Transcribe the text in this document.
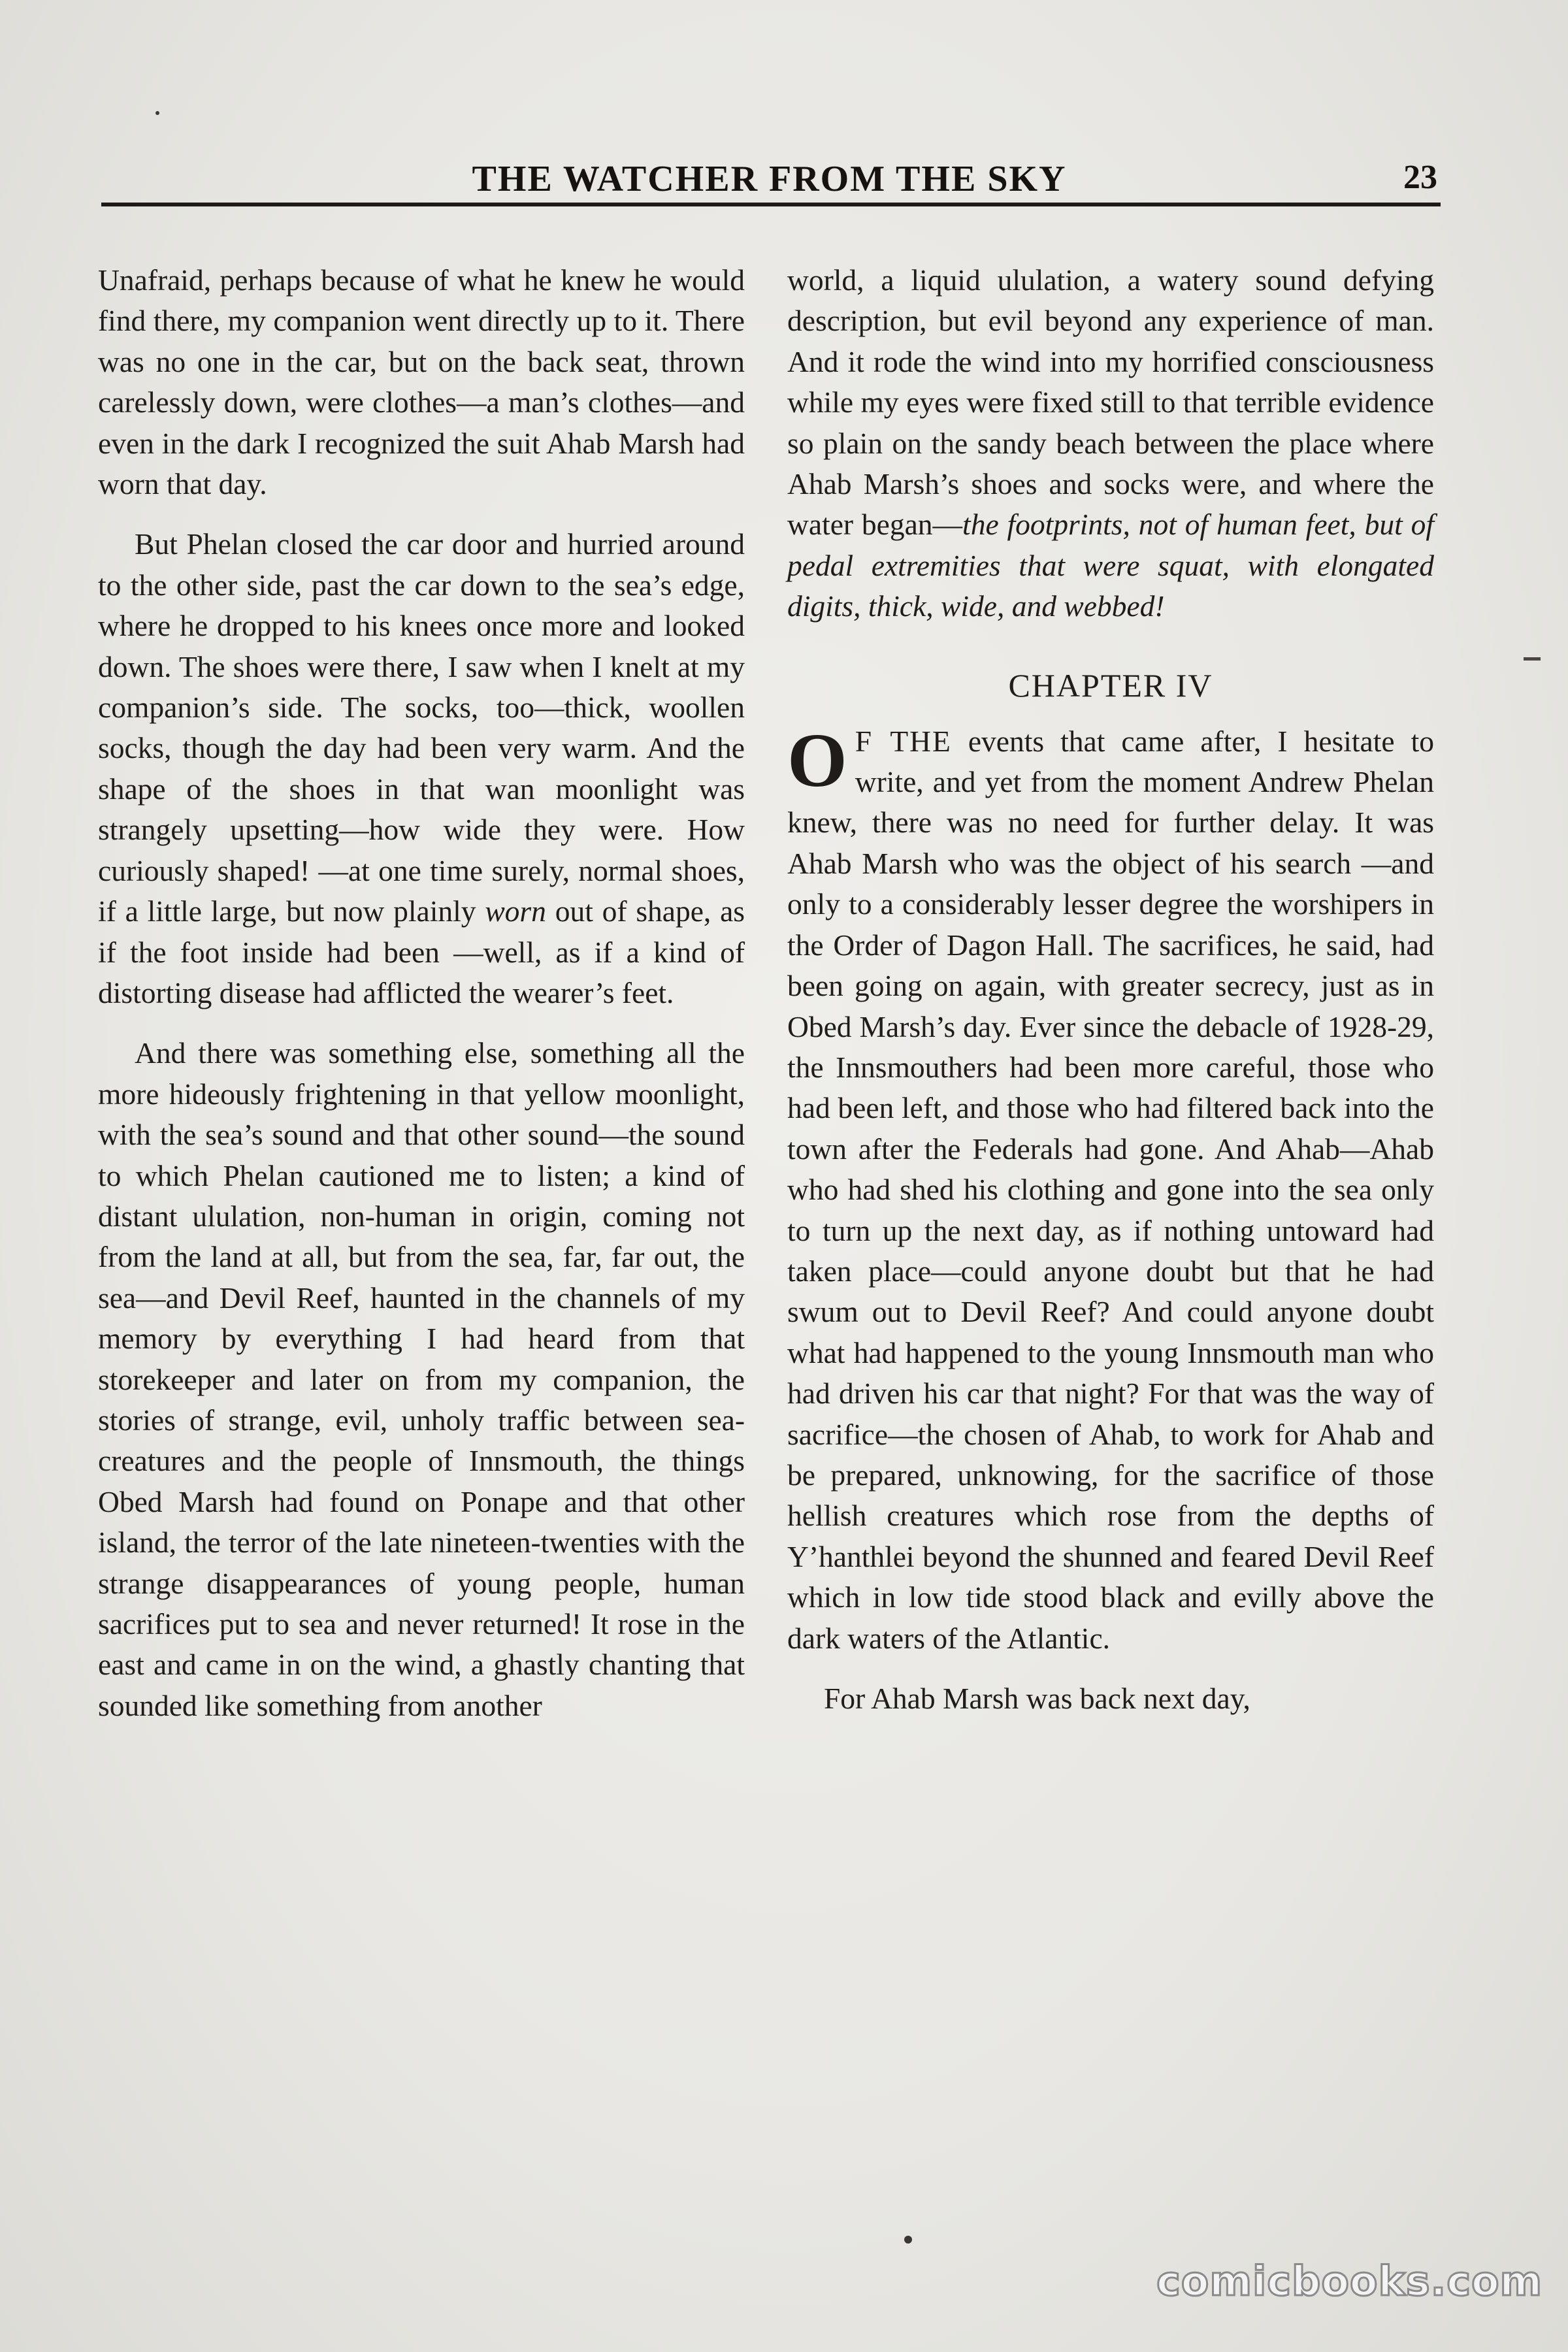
THE WATCHER FROM THE SKY	23

Unafraid, perhaps because of what he knew he would find there, my companion went directly up to it. There was no one in the car, but on the back seat, thrown carelessly down, were clothes—a man’s clothes—and even in the dark I recognized the suit Ahab Marsh had worn that day.

But Phelan closed the car door and hurried around to the other side, past the car down to the sea’s edge, where he dropped to his knees once more and looked down. The shoes were there, I saw when I knelt at my companion’s side. The socks, too—thick, woollen socks, though the day had been very warm. And the shape of the shoes in that wan moonlight was strangely upsetting—how wide they were. How curiously shaped! —at one time surely, normal shoes, if a little large, but now plainly worn out of shape, as if the foot inside had been —well, as if a kind of distorting disease had afflicted the wearer’s feet.

And there was something else, something all the more hideously frightening in that yellow moonlight, with the sea’s sound and that other sound—the sound to which Phelan cautioned me to listen; a kind of distant ululation, non-human in origin, coming not from the land at all, but from the sea, far, far out, the sea—and Devil Reef, haunted in the channels of my memory by everything I had heard from that storekeeper and later on from my companion, the stories of strange, evil, unholy traffic between sea-creatures and the people of Innsmouth, the things Obed Marsh had found on Ponape and that other island, the terror of the late nineteen-twenties with the strange disappearances of young people, human sacrifices put to sea and never returned! It rose in the east and came in on the wind, a ghastly chanting that sounded like something from another

world, a liquid ululation, a watery sound defying description, but evil beyond any experience of man. And it rode the wind into my horrified consciousness while my eyes were fixed still to that terrible evidence so plain on the sandy beach between the place where Ahab Marsh’s shoes and socks were, and where the water began—the footprints, not of human feet, but of pedal extremities that were squat, with elongated digits, thick, wide, and webbed!

CHAPTER IV

O F THE events that came after, I hesitate to write, and yet from the moment Andrew Phelan knew, there was no need for further delay. It was Ahab Marsh who was the object of his search —and only to a considerably lesser degree the worshipers in the Order of Dagon Hall. The sacrifices, he said, had been going on again, with greater secrecy, just as in Obed Marsh’s day. Ever since the debacle of 1928-29, the Innsmouthers had been more careful, those who had been left, and those who had filtered back into the town after the Federals had gone. And Ahab—Ahab who had shed his clothing and gone into the sea only to turn up the next day, as if nothing untoward had taken place—could anyone doubt but that he had swum out to Devil Reef? And could anyone doubt what had happened to the young Innsmouth man who had driven his car that night? For that was the way of sacrifice—the chosen of Ahab, to work for Ahab and be prepared, unknowing, for the sacrifice of those hellish creatures which rose from the depths of Y’hanthlei beyond the shunned and feared Devil Reef which in low tide stood black and evilly above the dark waters of the Atlantic.

For Ahab Marsh was back next day,

comicbooks.com
